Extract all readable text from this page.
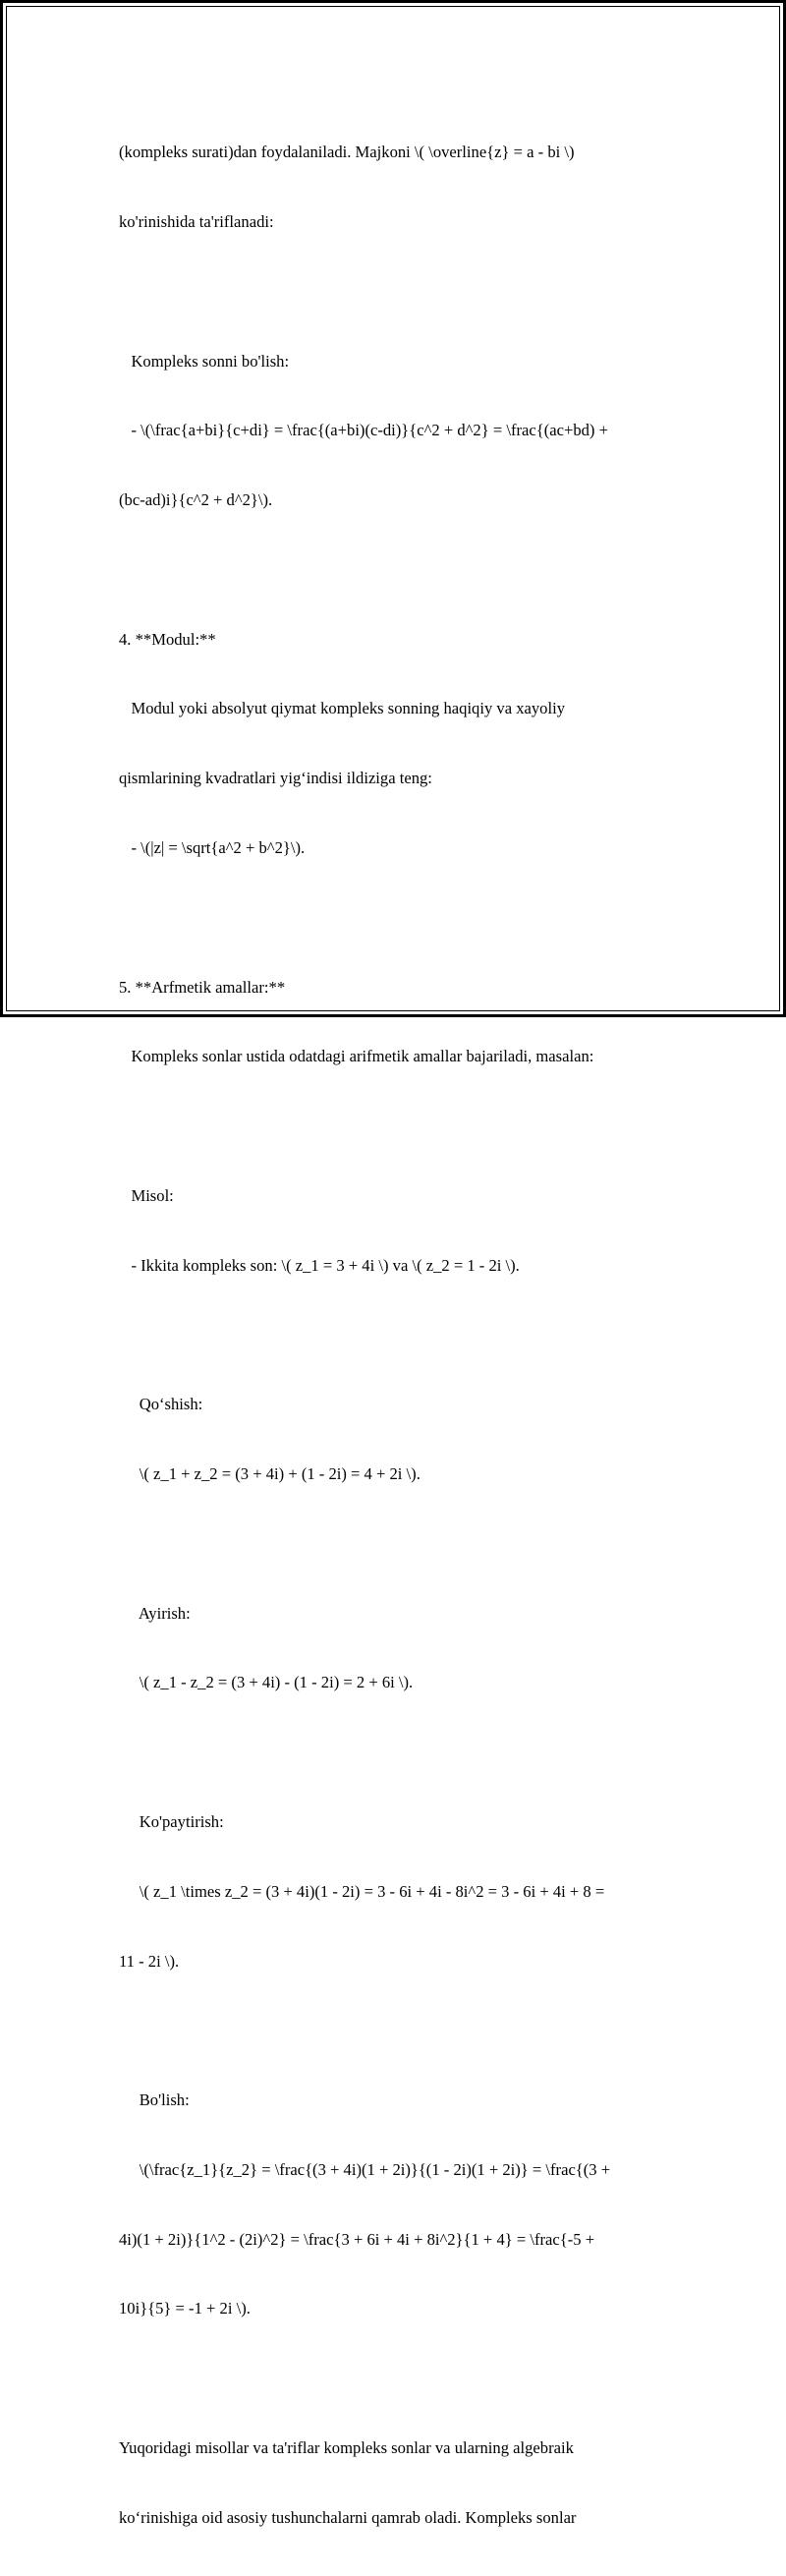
(kompleks surati)dan foydalaniladi. Majkoni \( \overline{z} = a - bi \)

ko'rinishida ta'riflanadi:

Kompleks sonni bo'lish:

- \(\frac{a+bi}{c+di} = \frac{(a+bi)(c-di)}{c^2 + d^2} = \frac{(ac+bd) +

(bc-ad)i}{c^2 + d^2}\).

4. **Modul:**

Modul yoki absolyut qiymat kompleks sonning haqiqiy va xayoliy

qismlarining kvadratlari yig‘indisi ildiziga teng:

- \(|z| = \sqrt{a^2 + b^2}\).

5. **Arfmetik amallar:**

Kompleks sonlar ustida odatdagi arifmetik amallar bajariladi, masalan:

Misol:

- Ikkita kompleks son: \( z_1 = 3 + 4i \) va \( z_2 = 1 - 2i \).

Qo‘shish:

\( z_1 + z_2 = (3 + 4i) + (1 - 2i) = 4 + 2i \).

Ayirish:

\( z_1 - z_2 = (3 + 4i) - (1 - 2i) = 2 + 6i \).

Ko'paytirish:

\( z_1 \times z_2 = (3 + 4i)(1 - 2i) = 3 - 6i + 4i - 8i^2 = 3 - 6i + 4i + 8 =

11 - 2i \).

Bo'lish:

\(\frac{z_1}{z_2} = \frac{(3 + 4i)(1 + 2i)}{(1 - 2i)(1 + 2i)} = \frac{(3 +

4i)(1 + 2i)}{1^2 - (2i)^2} = \frac{3 + 6i + 4i + 8i^2}{1 + 4} = \frac{-5 +

10i}{5} = -1 + 2i \).

Yuqoridagi misollar va ta'riflar kompleks sonlar va ularning algebraik

ko‘rinishiga oid asosiy tushunchalarni qamrab oladi. Kompleks sonlar
